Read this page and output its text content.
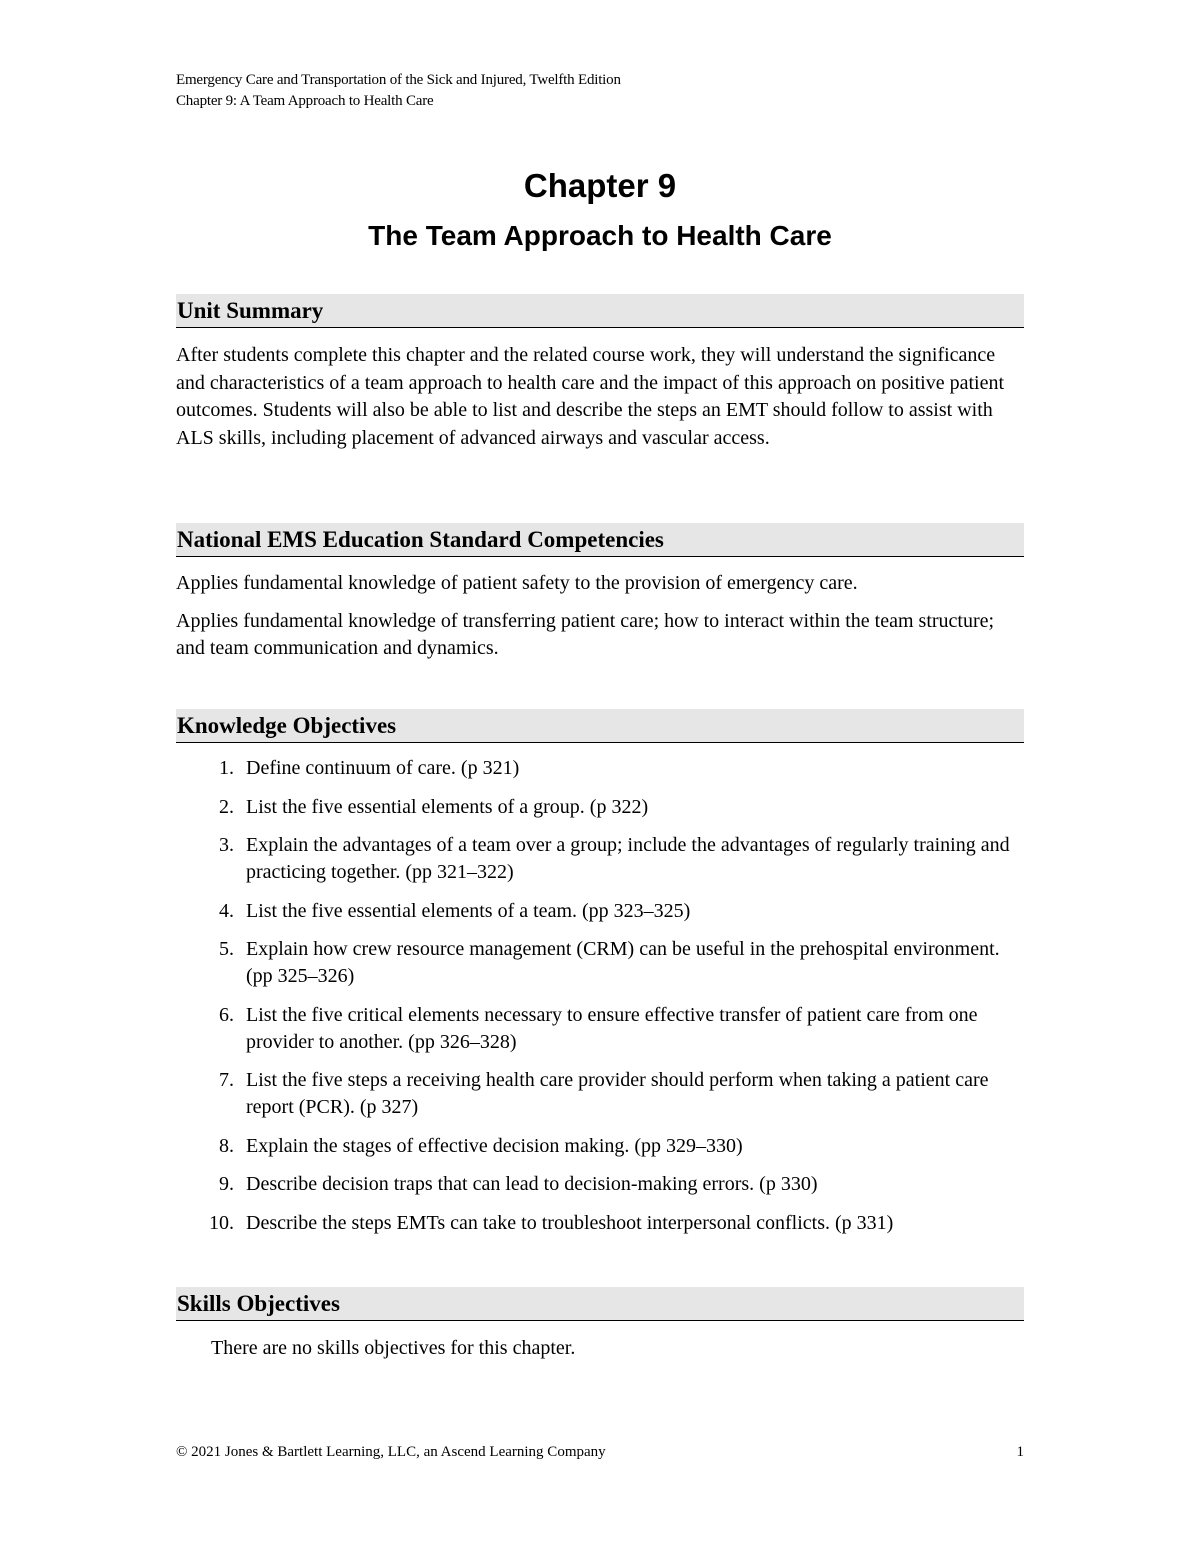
Emergency Care and Transportation of the Sick and Injured, Twelfth Edition
Chapter 9: A Team Approach to Health Care
Chapter 9
The Team Approach to Health Care
Unit Summary

After students complete this chapter and the related course work, they will understand the significance and characteristics of a team approach to health care and the impact of this approach on positive patient outcomes. Students will also be able to list and describe the steps an EMT should follow to assist with ALS skills, including placement of advanced airways and vascular access.

National EMS Education Standard Competencies

Applies fundamental knowledge of patient safety to the provision of emergency care.

Applies fundamental knowledge of transferring patient care; how to interact within the team structure; and team communication and dynamics.

Knowledge Objectives
1. Define continuum of care. (p 321)
2. List the five essential elements of a group. (p 322)
3. Explain the advantages of a team over a group; include the advantages of regularly training and practicing together. (pp 321–322)
4. List the five essential elements of a team. (pp 323–325)
5. Explain how crew resource management (CRM) can be useful in the prehospital environment. (pp 325–326)
6. List the five critical elements necessary to ensure effective transfer of patient care from one provider to another. (pp 326–328)
7. List the five steps a receiving health care provider should perform when taking a patient care report (PCR). (p 327)
8. Explain the stages of effective decision making. (pp 329–330)
9. Describe decision traps that can lead to decision-making errors. (p 330)
10. Describe the steps EMTs can take to troubleshoot interpersonal conflicts. (p 331)
Skills Objectives

There are no skills objectives for this chapter.

© 2021 Jones & Bartlett Learning, LLC, an Ascend Learning Company	1
